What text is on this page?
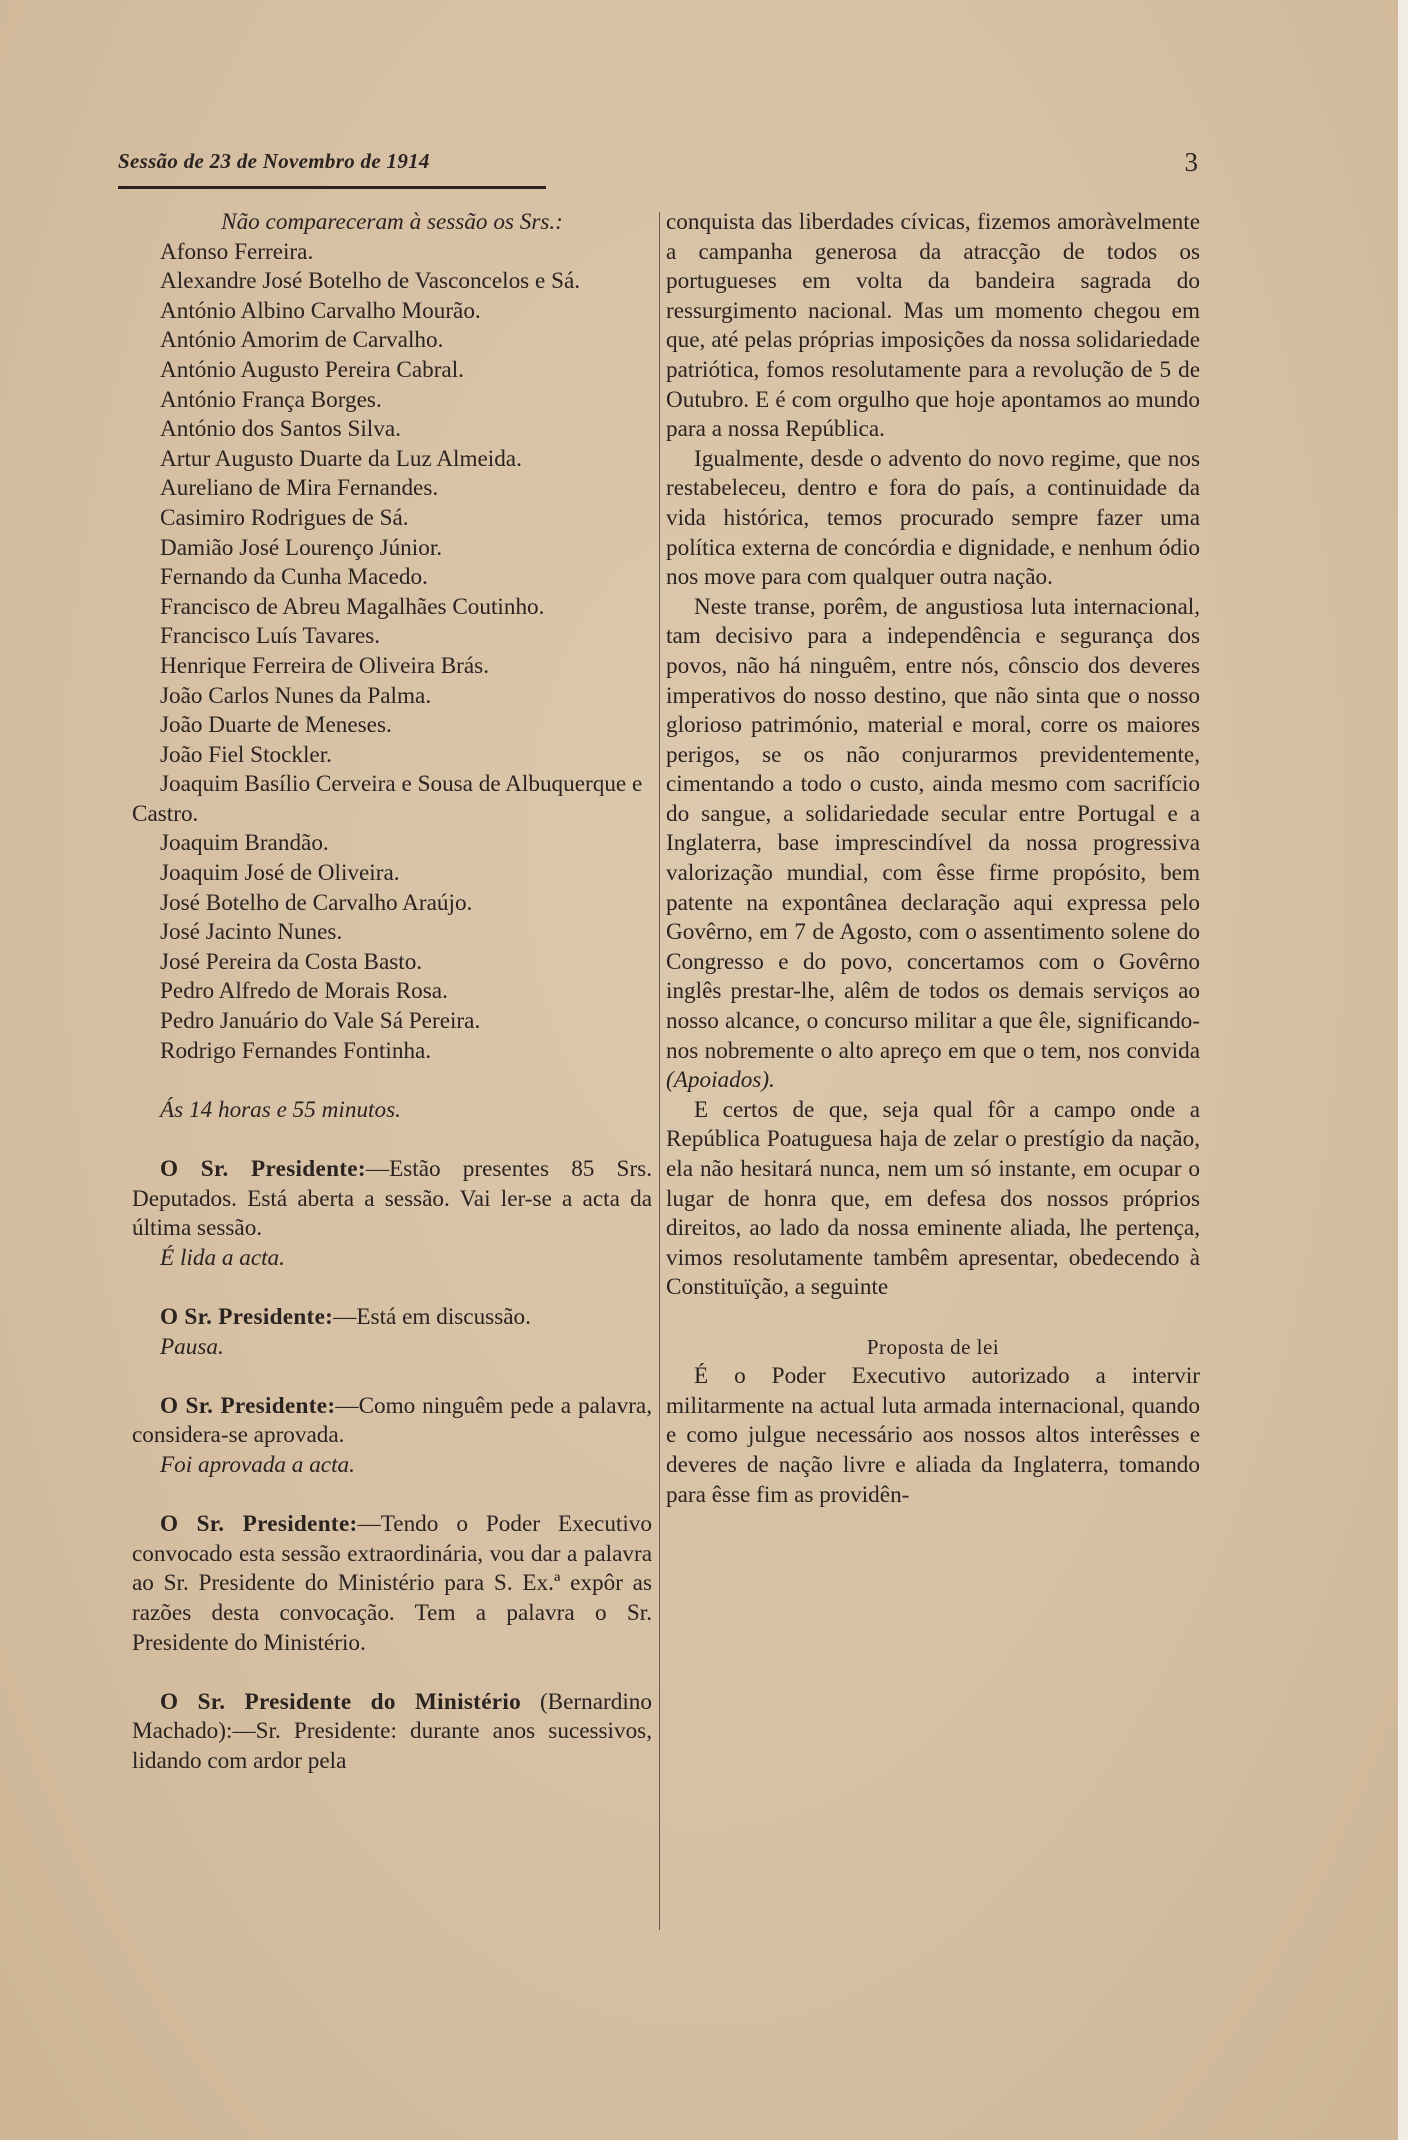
Sessão de 23 de Novembro de 1914	3

Não compareceram à sessão os Srs.:

Afonso Ferreira.

Alexandre José Botelho de Vasconcelos e Sá.

António Albino Carvalho Mourão.

António Amorim de Carvalho.

António Augusto Pereira Cabral.

António França Borges.

António dos Santos Silva.

Artur Augusto Duarte da Luz Almeida.

Aureliano de Mira Fernandes.

Casimiro Rodrigues de Sá.

Damião José Lourenço Júnior.

Fernando da Cunha Macedo.

Francisco de Abreu Magalhães Coutinho.

Francisco Luís Tavares.

Henrique Ferreira de Oliveira Brás.

João Carlos Nunes da Palma.

João Duarte de Meneses.

João Fiel Stockler.

Joaquim Basílio Cerveira e Sousa de Albuquerque e Castro.

Joaquim Brandão.

Joaquim José de Oliveira.

José Botelho de Carvalho Araújo.

José Jacinto Nunes.

José Pereira da Costa Basto.

Pedro Alfredo de Morais Rosa.

Pedro Januário do Vale Sá Pereira.

Rodrigo Fernandes Fontinha.

Ás 14 horas e 55 minutos.

O Sr. Presidente:—Estão presentes 85 Srs. Deputados. Está aberta a sessão. Vai ler-se a acta da última sessão.

É lida a acta.

O Sr. Presidente:—Está em discussão.

Pausa.

O Sr. Presidente:—Como ninguêm pede a palavra, considera-se aprovada.

Foi aprovada a acta.

O Sr. Presidente:—Tendo o Poder Executivo convocado esta sessão extraordinária, vou dar a palavra ao Sr. Presidente do Ministério para S. Ex.ª expôr as razões desta convocação. Tem a palavra o Sr. Presidente do Ministério.

O Sr. Presidente do Ministério (Bernardino Machado):—Sr. Presidente: durante anos sucessivos, lidando com ardor pela

conquista das liberdades cívicas, fizemos amoràvelmente a campanha generosa da atracção de todos os portugueses em volta da bandeira sagrada do ressurgimento nacional. Mas um momento chegou em que, até pelas próprias imposições da nossa solidariedade patriótica, fomos resolutamente para a revolução de 5 de Outubro. E é com orgulho que hoje apontamos ao mundo para a nossa República.

Igualmente, desde o advento do novo regime, que nos restabeleceu, dentro e fora do país, a continuidade da vida histórica, temos procurado sempre fazer uma política externa de concórdia e dignidade, e nenhum ódio nos move para com qualquer outra nação.

Neste transe, porêm, de angustiosa luta internacional, tam decisivo para a independência e segurança dos povos, não há ninguêm, entre nós, cônscio dos deveres imperativos do nosso destino, que não sinta que o nosso glorioso património, material e moral, corre os maiores perigos, se os não conjurarmos previdentemente, cimentando a todo o custo, ainda mesmo com sacrifício do sangue, a solidariedade secular entre Portugal e a Inglaterra, base imprescindível da nossa progressiva valorização mundial, com êsse firme propósito, bem patente na expontânea declaração aqui expressa pelo Govêrno, em 7 de Agosto, com o assentimento solene do Congresso e do povo, concertamos com o Govêrno inglês prestar-lhe, alêm de todos os demais serviços ao nosso alcance, o concurso militar a que êle, significando-nos nobremente o alto apreço em que o tem, nos convida (Apoiados).

E certos de que, seja qual fôr a campo onde a República Poatuguesa haja de zelar o prestígio da nação, ela não hesitará nunca, nem um só instante, em ocupar o lugar de honra que, em defesa dos nossos próprios direitos, ao lado da nossa eminente aliada, lhe pertença, vimos resolutamente tambêm apresentar, obedecendo à Constituïção, a seguinte

Proposta de lei

É o Poder Executivo autorizado a intervir militarmente na actual luta armada internacional, quando e como julgue necessário aos nossos altos interêsses e deveres de nação livre e aliada da Inglaterra, tomando para êsse fim as providên-
